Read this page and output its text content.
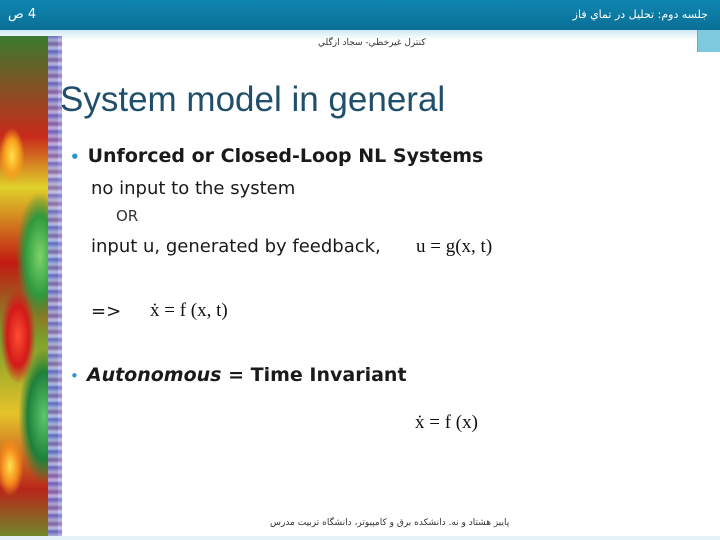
4 ص	جلسه دوم: تحليل در تماي فاز
کنترل غیرخطي- سجاد ازگلي
System model in general
• Unforced or Closed-Loop NL Systems
no input to the system
OR
input u, generated by feedback, u = g(x, t)
=> ẋ = f (x, t)
• Autonomous = Time Invariant
ẋ = f (x)
پاییز هشتاد و نه. دانشکده برق و کامپیوتر، دانشگاه تربیت مدرس
